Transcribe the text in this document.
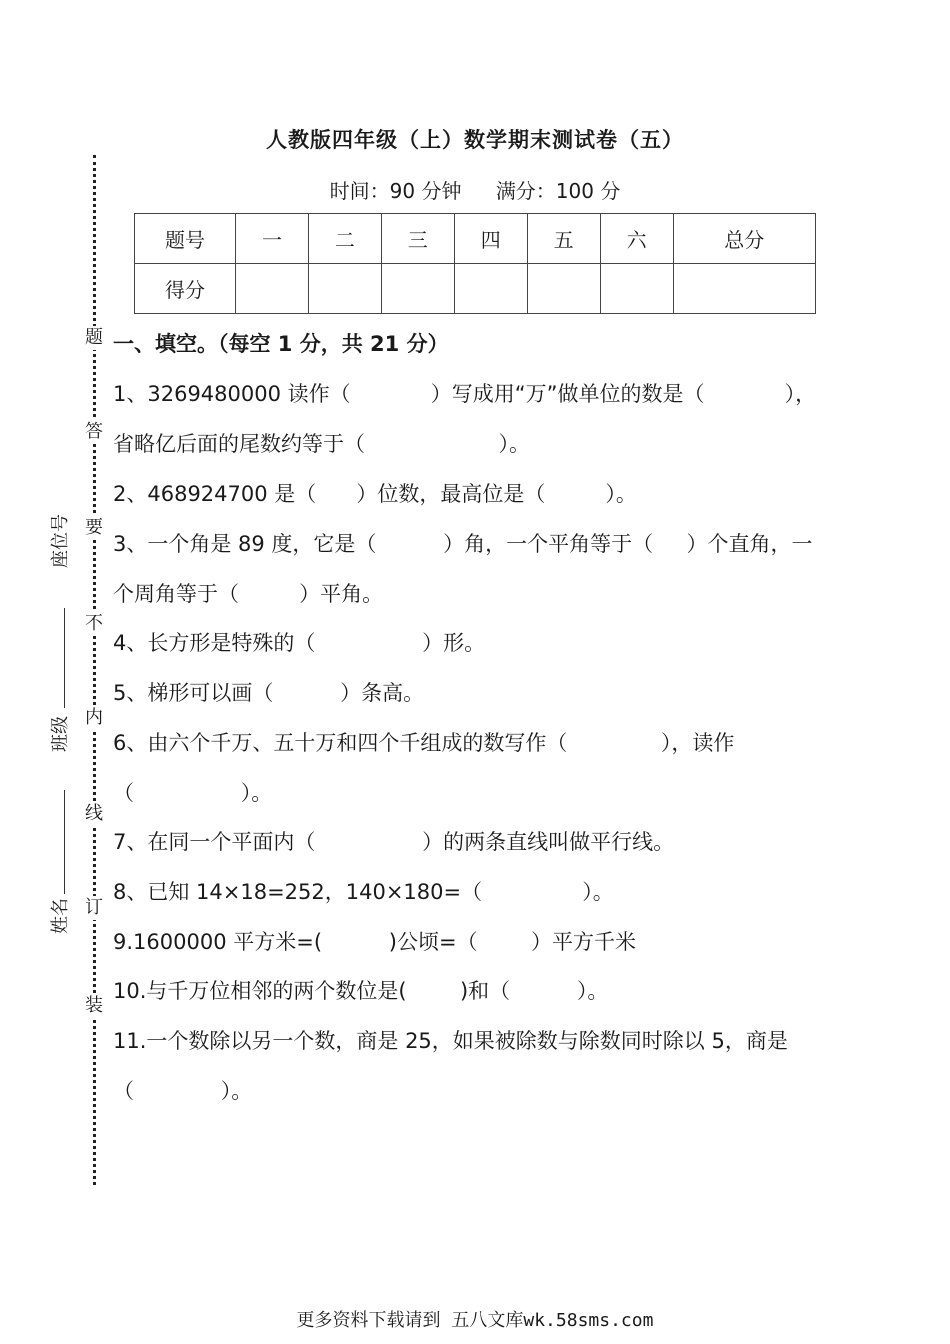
人教版四年级（上）数学期末测试卷（五）
时间：90 分钟 满分：100 分
题号	一	二	三	四	五	六	总分
得分							
题
答
要
不
内
线
订
装
座位号
班级
姓名
一、填空。（每空 1 分，共 21 分）
1、3269480000 读作（            ）写成用“万”做单位的数是（            ），
省略亿后面的尾数约等于（                    ）。
2、468924700 是（      ）位数，最高位是（         ）。
3、一个角是 89 度，它是（          ）角，一个平角等于（     ）个直角，一
个周角等于（         ）平角。
4、长方形是特殊的（                ）形。
5、梯形可以画（          ）条高。
6、由六个千万、五十万和四个千组成的数写作（              ），读作
（                ）。
7、在同一个平面内（                ）的两条直线叫做平行线。
8、已知 14×18=252，140×180=（               ）。
9.1600000 平方米=(          )公顷=（        ）平方千米
10.与千万位相邻的两个数位是(        )和（          ）。
11.一个数除以另一个数，商是 25，如果被除数与除数同时除以 5，商是
（             ）。
更多资料下载请到 五八文库wk.58sms.com
